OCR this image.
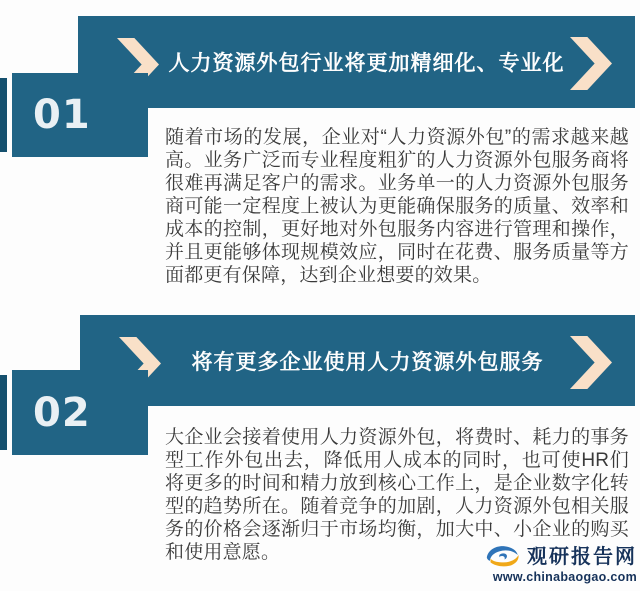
人力资源外包行业将更加精细化、专业化
01	随着市场的发展，企业对“人力资源外包”的需求越来越高。业务广泛而专业程度粗犷的人力资源外包服务商将很难再满足客户的需求。业务单一的人力资源外包服务商可能一定程度上被认为更能确保服务的质量、效率和成本的控制，更好地对外包服务内容进行管理和操作，并且更能够体现规模效应，同时在花费、服务质量等方面都更有保障，达到企业想要的效果。

将有更多企业使用人力资源外包服务
02

大企业会接着使用人力资源外包，将费时、耗力的事务型工作外包出去，降低用人成本的同时，也可使HR们将更多的时间和精力放到核心工作上，是企业数字化转型的趋势所在。随着竞争的加剧，人力资源外包相关服务的价格会逐渐归于市场均衡，加大中、小企业的购买和使用意愿。	观研报告网
www.chinabaogao.com
